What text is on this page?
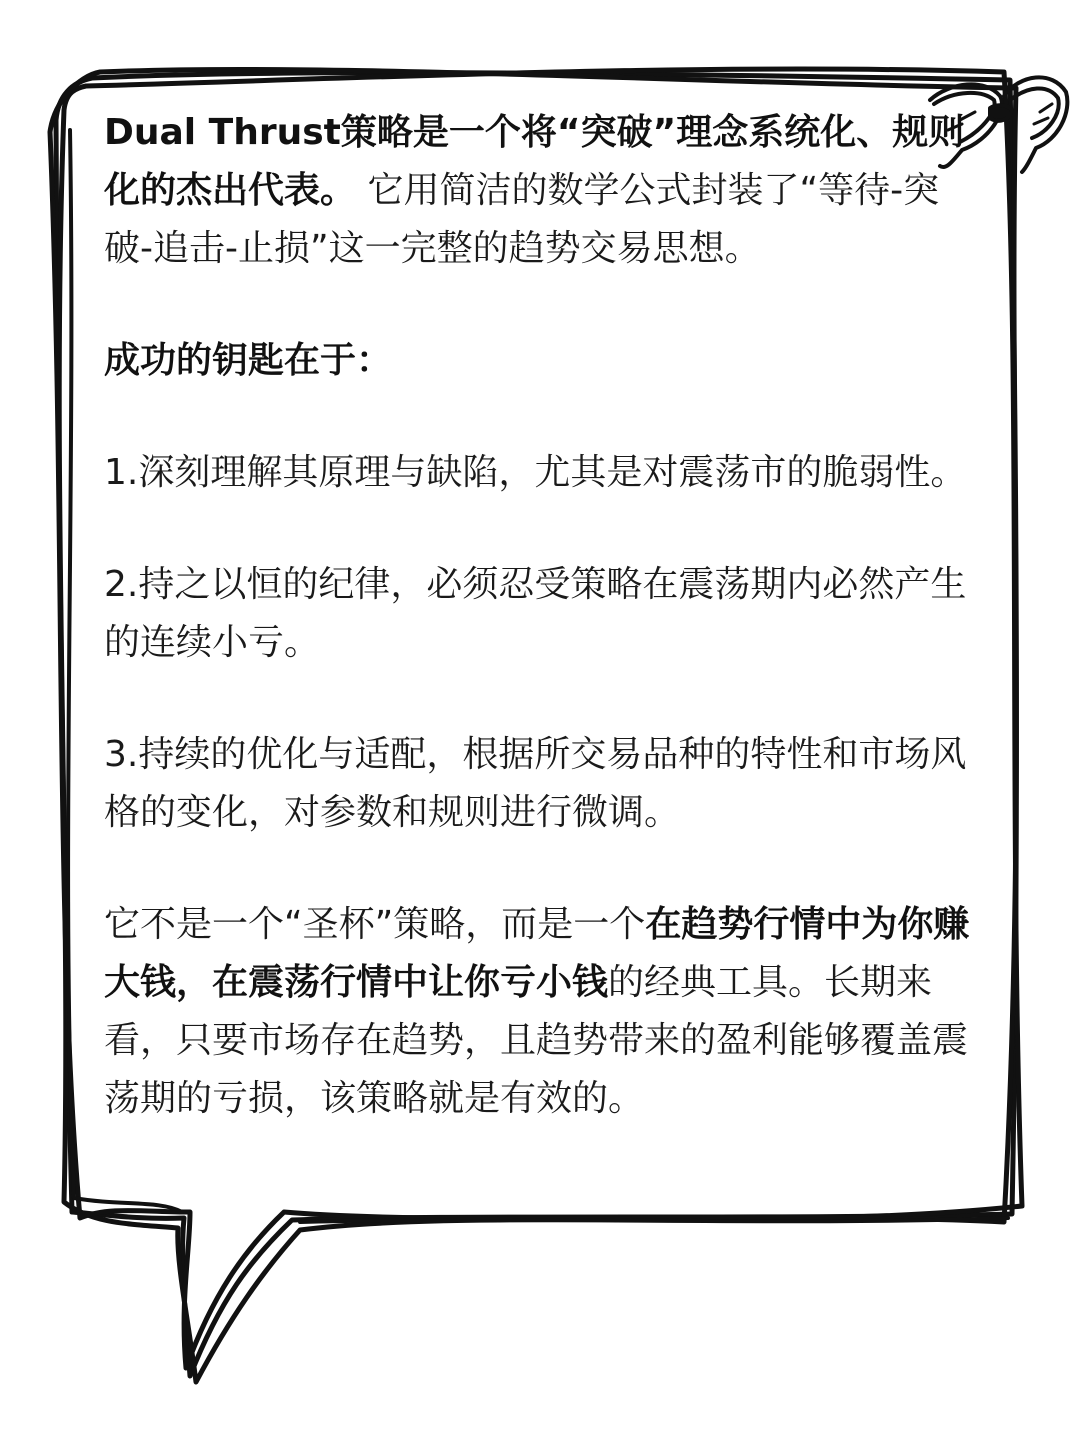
Dual Thrust策略是一个将“突破”理念系统化、规则化的杰出代表。 它用简洁的数学公式封装了“等待-突破-追击-止损”这一完整的趋势交易思想。

成功的钥匙在于：

1.深刻理解其原理与缺陷，尤其是对震荡市的脆弱性。

2.持之以恒的纪律，必须忍受策略在震荡期内必然产生的连续小亏。

3.持续的优化与适配，根据所交易品种的特性和市场风格的变化，对参数和规则进行微调。

它不是一个“圣杯”策略，而是一个在趋势行情中为你赚大钱，在震荡行情中让你亏小钱的经典工具。长期来看，只要市场存在趋势，且趋势带来的盈利能够覆盖震荡期的亏损，该策略就是有效的。
